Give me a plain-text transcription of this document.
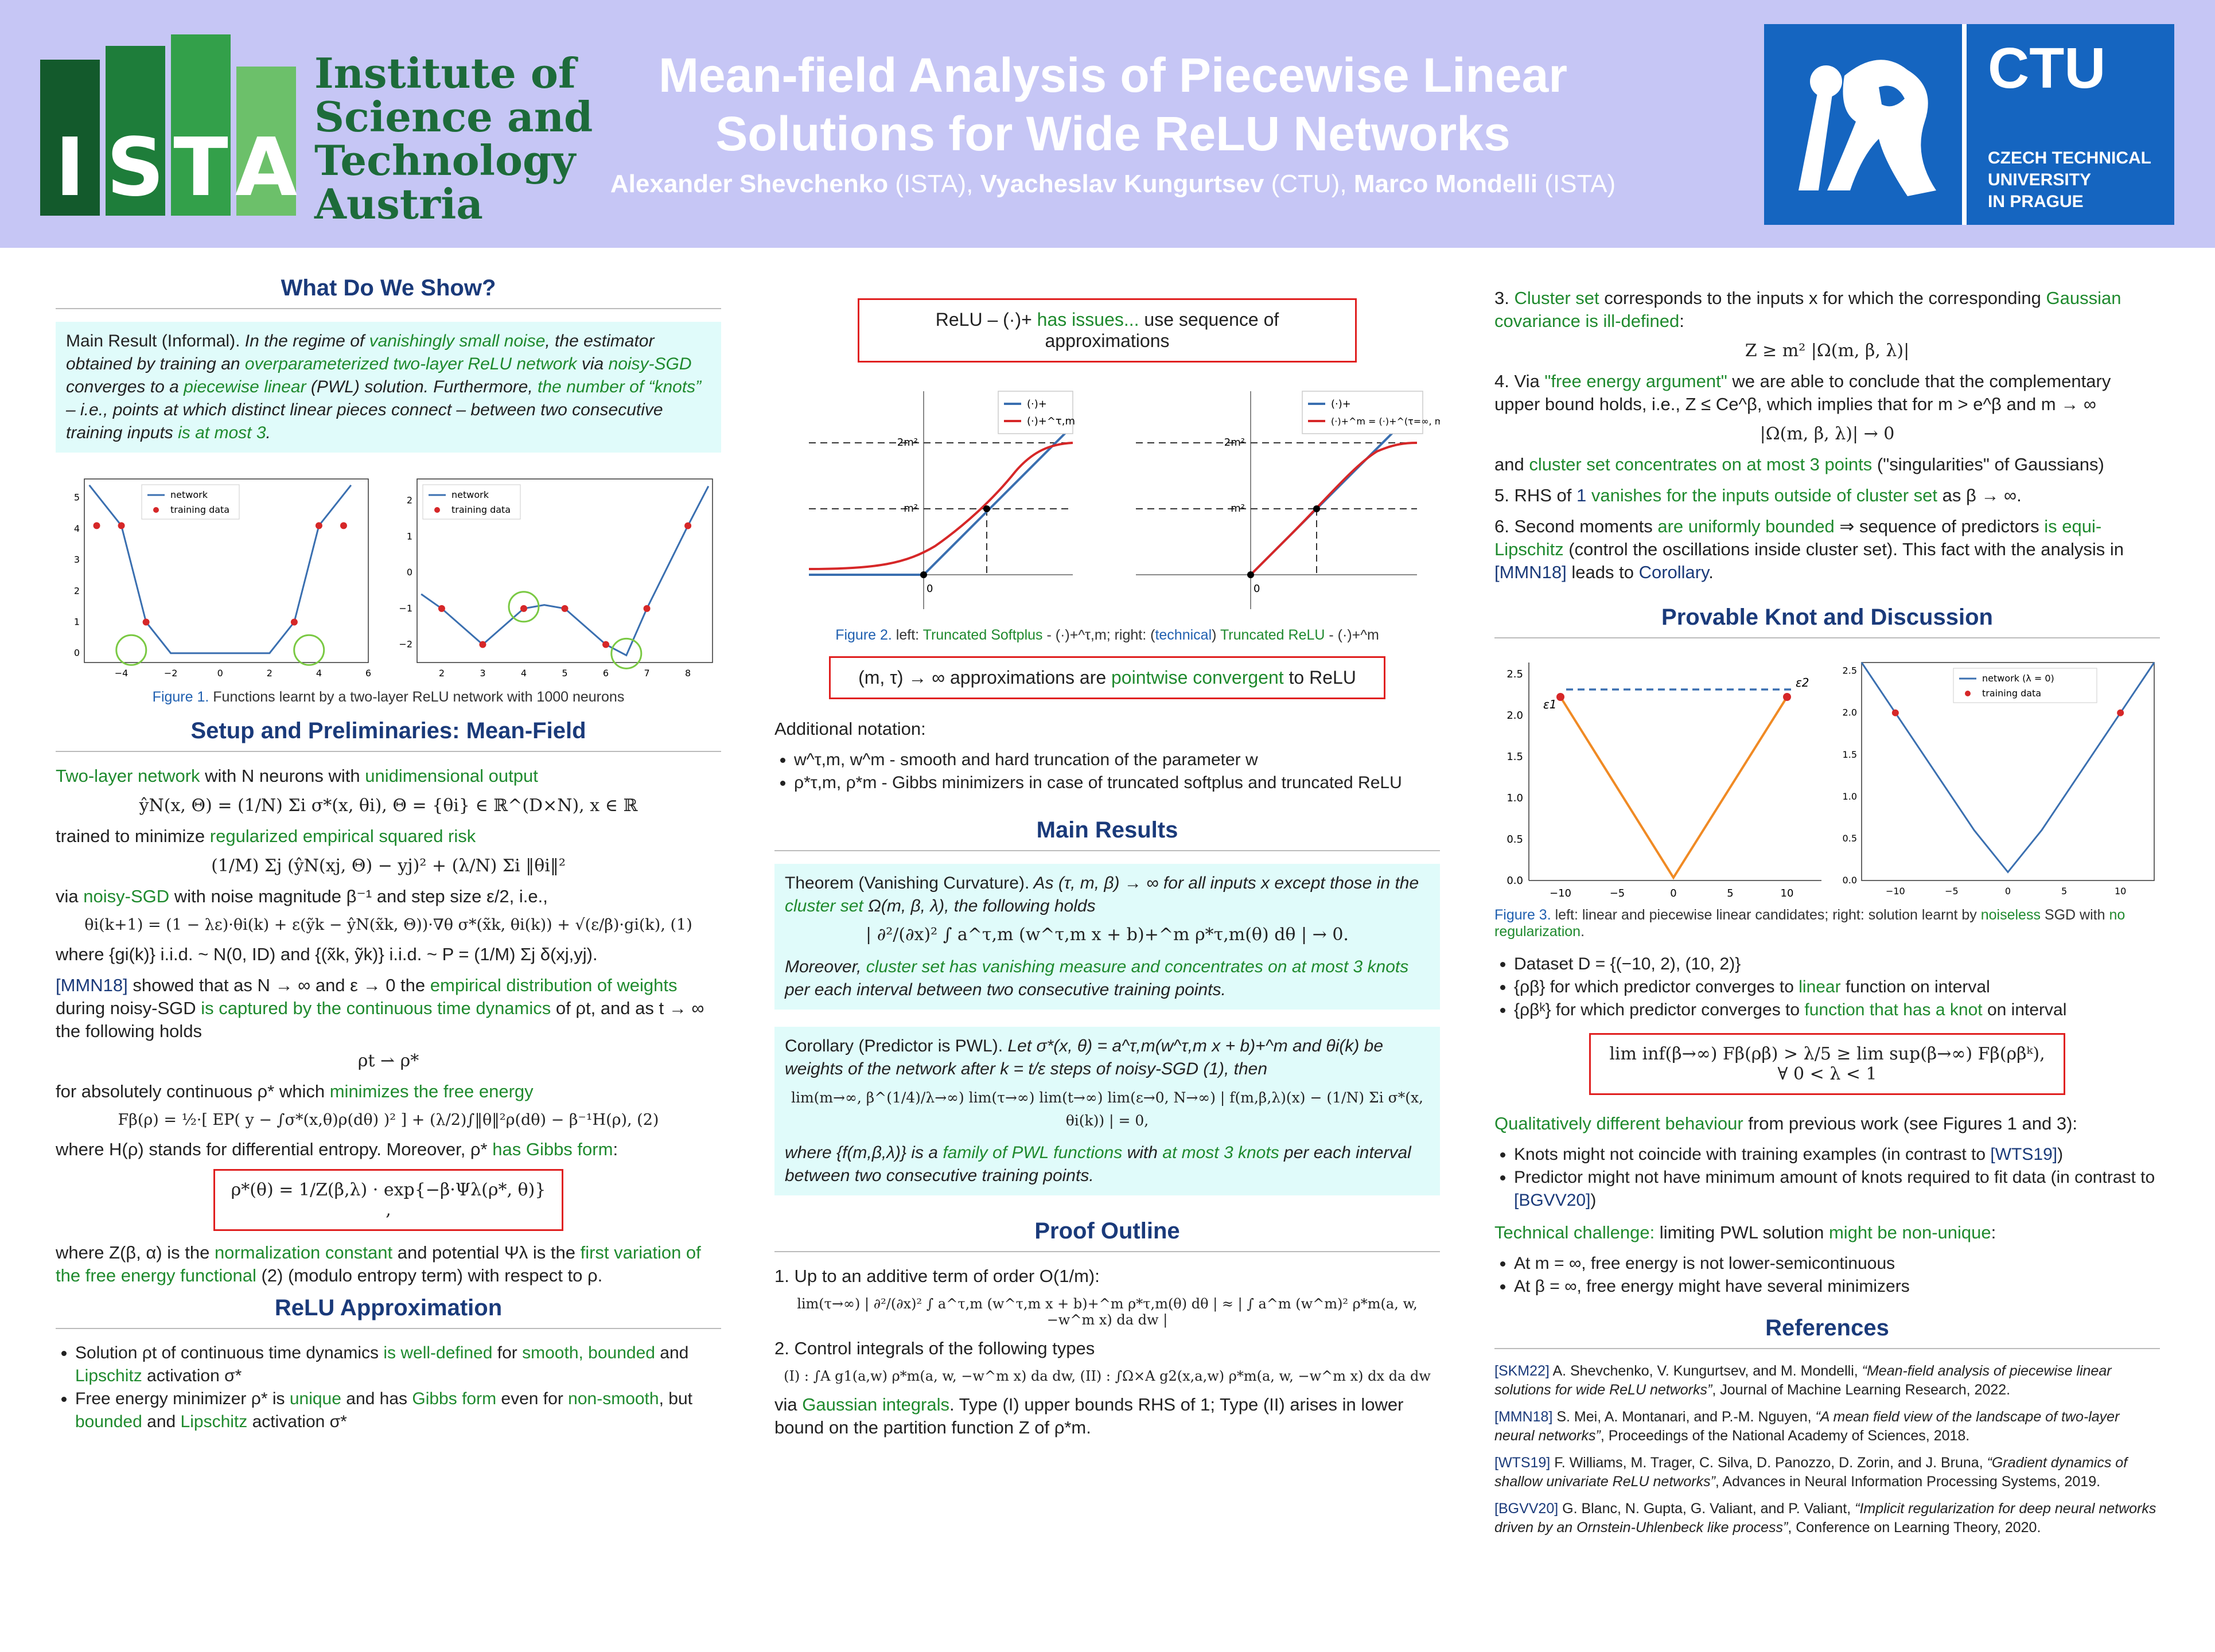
I S T A
Institute of
Science and
Technology
Austria
Mean-field Analysis of Piecewise Linear
Solutions for Wide ReLU Networks
Alexander Shevchenko (ISTA), Vyacheslav Kungurtsev (CTU), Marco Mondelli (ISTA)
CTU
CZECH TECHNICAL
UNIVERSITY
IN PRAGUE
What Do We Show?
Main Result (Informal). In the regime of vanishingly small noise, the estimator obtained by training an overparameterized two-layer ReLU network via noisy-SGD converges to a piecewise linear (PWL) solution. Furthermore, the number of “knots” – i.e., points at which distinct linear pieces connect – between two consecutive training inputs is at most 3.
−4	−2	0	2	4	6
0
1
2
3
4
5	network
training data
2	3	4	5	6	7	8
−2
−1
0
1
2
network
training data
Figure 1. Functions learnt by a two-layer ReLU network with 1000 neurons
Setup and Preliminaries: Mean-Field

Two-layer network with N neurons with unidimensional output

ŷN(x, Θ) = (1/N) Σi σ*(x, θi), Θ = {θi} ∈ ℝ^(D×N), x ∈ ℝ

trained to minimize regularized empirical squared risk

(1/M) Σj (ŷN(xj, Θ) − yj)² + (λ/N) Σi ‖θi‖²

via noisy-SGD with noise magnitude β⁻¹ and step size ε/2, i.e.,

θi(k+1) = (1 − λε)·θi(k) + ε(ỹk − ŷN(x̃k, Θ))·∇θ σ*(x̃k, θi(k)) + √(ε/β)·gi(k), (1)

where {gi(k)} i.i.d. ~ N(0, ID) and {(x̃k, ỹk)} i.i.d. ~ P = (1/M) Σj δ(xj,yj).

[MMN18] showed that as N → ∞ and ε → 0 the empirical distribution of weights during noisy-SGD is captured by the continuous time dynamics of ρt, and as t → ∞ the following holds

ρt ⇀ ρ*

for absolutely continuous ρ* which minimizes the free energy

Fβ(ρ) = ½·[ EP( y − ∫σ*(x,θ)ρ(dθ) )² ] + (λ/2)∫‖θ‖²ρ(dθ) − β⁻¹H(ρ), (2)

where H(ρ) stands for differential entropy. Moreover, ρ* has Gibbs form:

ρ*(θ) = 1/Z(β,λ) · exp{−β·Ψλ(ρ*, θ)} ,

where Z(β, α) is the normalization constant and potential Ψλ is the first variation of the free energy functional (2) (modulo entropy term) with respect to ρ.

ReLU Approximation
• Solution ρt of continuous time dynamics is well-defined for smooth, bounded and Lipschitz activation σ*
• Free energy minimizer ρ* is unique and has Gibbs form even for non-smooth, but bounded and Lipschitz activation σ*
ReLU – (·)+ has issues... use sequence of approximations
2m²
m²
0
(·)+
(·)+^τ,m
2m²
m²
0
(·)+
(·)+^m = (·)+^(τ=∞, m)
Figure 2. left: Truncated Softplus - (·)+^τ,m; right: (technical) Truncated ReLU - (·)+^m
(m, τ) → ∞ approximations are pointwise convergent to ReLU

Additional notation:

• w^τ,m, w^m - smooth and hard truncation of the parameter w
• ρ*τ,m, ρ*m - Gibbs minimizers in case of truncated softplus and truncated ReLU
Main Results
Theorem (Vanishing Curvature). As (τ, m, β) → ∞ for all inputs x except those in the cluster set Ω(m, β, λ), the following holds
| ∂²/(∂x)² ∫ a^τ,m (w^τ,m x + b)+^m ρ*τ,m(θ) dθ | → 0.
Moreover, cluster set has vanishing measure and concentrates on at most 3 knots per each interval between two consecutive training points.
Corollary (Predictor is PWL). Let σ*(x, θ) = a^τ,m(w^τ,m x + b)+^m and θi(k) be weights of the network after k = t/ε steps of noisy-SGD (1), then
lim(m→∞, β^(1/4)/λ→∞) lim(τ→∞) lim(t→∞) lim(ε→0, N→∞) | f(m,β,λ)(x) − (1/N) Σi σ*(x, θi(k)) | = 0,
where {f(m,β,λ)} is a family of PWL functions with at most 3 knots per each interval between two consecutive training points.
Proof Outline

1. Up to an additive term of order O(1/m):

lim(τ→∞) | ∂²/(∂x)² ∫ a^τ,m (w^τ,m x + b)+^m ρ*τ,m(θ) dθ | ≈ | ∫ a^m (w^m)² ρ*m(a, w, −w^m x) da dw |

2. Control integrals of the following types

(I) : ∫A g1(a,w) ρ*m(a, w, −w^m x) da dw, (II) : ∫Ω×A g2(x,a,w) ρ*m(a, w, −w^m x) dx da dw

via Gaussian integrals. Type (I) upper bounds RHS of 1; Type (II) arises in lower bound on the partition function Z of ρ*m.

3. Cluster set corresponds to the inputs x for which the corresponding Gaussian covariance is ill-defined:

Z ≥ m² |Ω(m, β, λ)|

4. Via "free energy argument" we are able to conclude that the complementary upper bound holds, i.e., Z ≤ Ce^β, which implies that for m > e^β and m → ∞

|Ω(m, β, λ)| → 0

and cluster set concentrates on at most 3 points ("singularities" of Gaussians)

5. RHS of 1 vanishes for the inputs outside of cluster set as β → ∞.

6. Second moments are uniformly bounded ⇒ sequence of predictors is equi-Lipschitz (control the oscillations inside cluster set). This fact with the analysis in [MMN18] leads to Corollary.

Provable Knot and Discussion
ε1
ε2
0.0
0.5
1.0
1.5
2.0
2.5
−10	−5	0	5	10	−10	−5	0	5	10
0.0
0.5
1.0
1.5
2.0
2.5
network (λ = 0)
training data
Figure 3. left: linear and piecewise linear candidates; right: solution learnt by noiseless SGD with no regularization.
• Dataset D = {(−10, 2), (10, 2)}
• {ρβ} for which predictor converges to linear function on interval
• {ρβᵏ} for which predictor converges to function that has a knot on interval
lim inf(β→∞) Fβ(ρβ) > λ/5 ≥ lim sup(β→∞) Fβ(ρβᵏ), ∀ 0 < λ < 1

Qualitatively different behaviour from previous work (see Figures 1 and 3):

• Knots might not coincide with training examples (in contrast to [WTS19])
• Predictor might not have minimum amount of knots required to fit data (in contrast to [BGVV20])

Technical challenge: limiting PWL solution might be non-unique:

• At m = ∞, free energy is not lower-semicontinuous
• At β = ∞, free energy might have several minimizers
References
[SKM22] A. Shevchenko, V. Kungurtsev, and M. Mondelli, “Mean-field analysis of piecewise linear solutions for wide ReLU networks”, Journal of Machine Learning Research, 2022.
[MMN18] S. Mei, A. Montanari, and P.-M. Nguyen, “A mean field view of the landscape of two-layer neural networks”, Proceedings of the National Academy of Sciences, 2018.
[WTS19] F. Williams, M. Trager, C. Silva, D. Panozzo, D. Zorin, and J. Bruna, “Gradient dynamics of shallow univariate ReLU networks”, Advances in Neural Information Processing Systems, 2019.
[BGVV20] G. Blanc, N. Gupta, G. Valiant, and P. Valiant, “Implicit regularization for deep neural networks driven by an Ornstein-Uhlenbeck like process”, Conference on Learning Theory, 2020.
